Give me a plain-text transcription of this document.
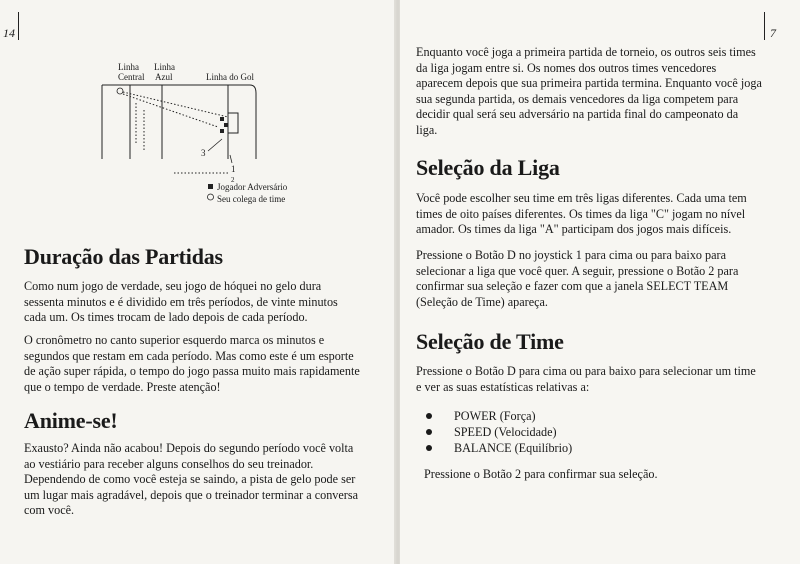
14
Linha
Central
Linha
Azul	Linha do Gol
3
1
2
Jogador Adversário
Seu colega de time
Duração das Partidas

Como num jogo de verdade, seu jogo de hóquei no gelo dura sessenta minutos e é dividido em três períodos, de vinte minutos cada um. Os times trocam de lado depois de cada período.

O cronômetro no canto superior esquerdo marca os minutos e segundos que restam em cada período. Mas como este é um esporte de ação super rápida, o tempo do jogo passa muito mais rapidamente que o tempo de verdade. Preste atenção!

Anime-se!

Exausto? Ainda não acabou! Depois do segundo período você volta ao vestiário para receber alguns conselhos do seu treinador. Dependendo de como você esteja se saindo, a pista de gelo pode ser um lugar mais agradável, depois que o treinador terminar a conversa com você.

7

Enquanto você joga a primeira partida de torneio, os outros seis times da liga jogam entre si. Os nomes dos outros times vencedores aparecem depois que sua primeira partida termina. Enquanto você joga sua segunda partida, os demais vencedores da liga competem para decidir qual será seu adversário na partida final do campeonato da liga.

Seleção da Liga

Você pode escolher seu time em três ligas diferentes. Cada uma tem times de oito países diferentes. Os times da liga "C" jogam no nível amador. Os times da liga "A" participam dos jogos mais difíceis.

Pressione o Botão D no joystick 1 para cima ou para baixo para selecionar a liga que você quer. A seguir, pressione o Botão 2 para confirmar sua seleção e fazer com que a janela SELECT TEAM (Seleção de Time) apareça.

Seleção de Time

Pressione o Botão D para cima ou para baixo para selecionar um time e ver as suas estatísticas relativas a:

POWER (Força)
SPEED (Velocidade)
BALANCE (Equilíbrio)

Pressione o Botão 2 para confirmar sua seleção.
